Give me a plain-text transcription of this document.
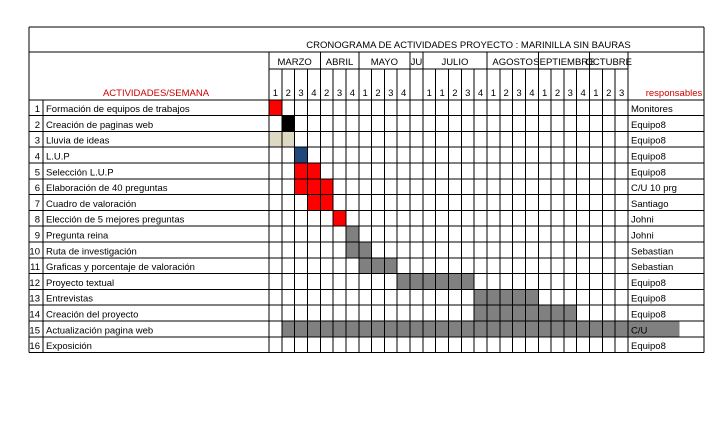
MARZO ABRIL MAYO JU JULIO	AGOSTO SEPTIEMBRE
OCTUBRE
1 2 3 4 2 3 4 1 2 3 4 1 1 2 3 4 1 2 3 4 1 2 3 4 1 2 3
CRONOGRAMA DE ACTIVIDADES PROYECTO : MARINILLA SIN BAURAS
ACTIVIDADES/SEMANA	responsables
1 Formación de equipos de trabajos	Monitores
2 Creación de paginas web	Equipo8
3 Lluvia de ideas	Equipo8
4 L.U.P	Equipo8
5 Selección L.U.P	Equipo8
6 Elaboración de 40 preguntas	C/U 10 prg
7 Cuadro de valoración	Santiago
8 Elección de 5 mejores preguntas	Johni
9 Pregunta reina	Johni
10 Ruta de investigación	Sebastian
11 Graficas y porcentaje de valoración	Sebastian
12 Proyecto textual	Equipo8
13 Entrevistas	Equipo8
14 Creación del proyecto	Equipo8
15 Actualización pagina web	C/U
16 Exposición	Equipo8
